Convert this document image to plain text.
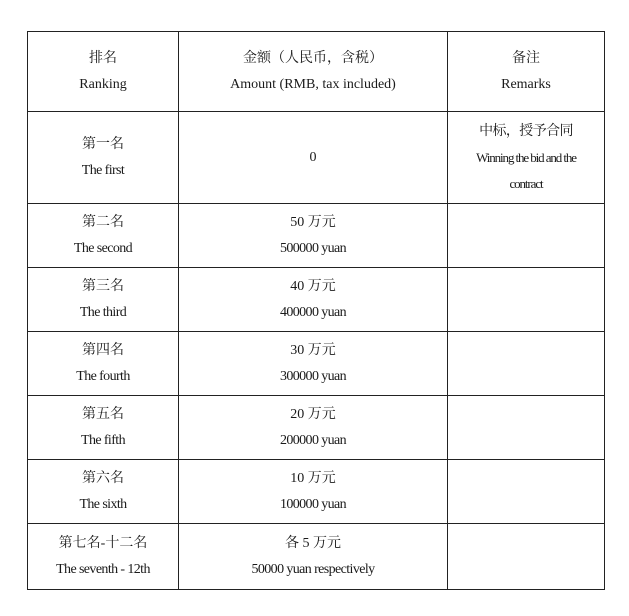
排名
Ranking	金额（人民币，含税）
Amount (RMB, tax included)	备注
Remarks

第一名
The first	0	中标，授予合同
Winning the bid and the
contract

第二名
The second	50 万元
500000 yuan	

第三名
The third	40 万元
400000 yuan	

第四名
The fourth	30 万元
300000 yuan	

第五名
The fifth	20 万元
200000 yuan	

第六名
The sixth	10 万元
100000 yuan	

第七名-十二名
The seventh - 12th	各 5 万元
50000 yuan respectively	
